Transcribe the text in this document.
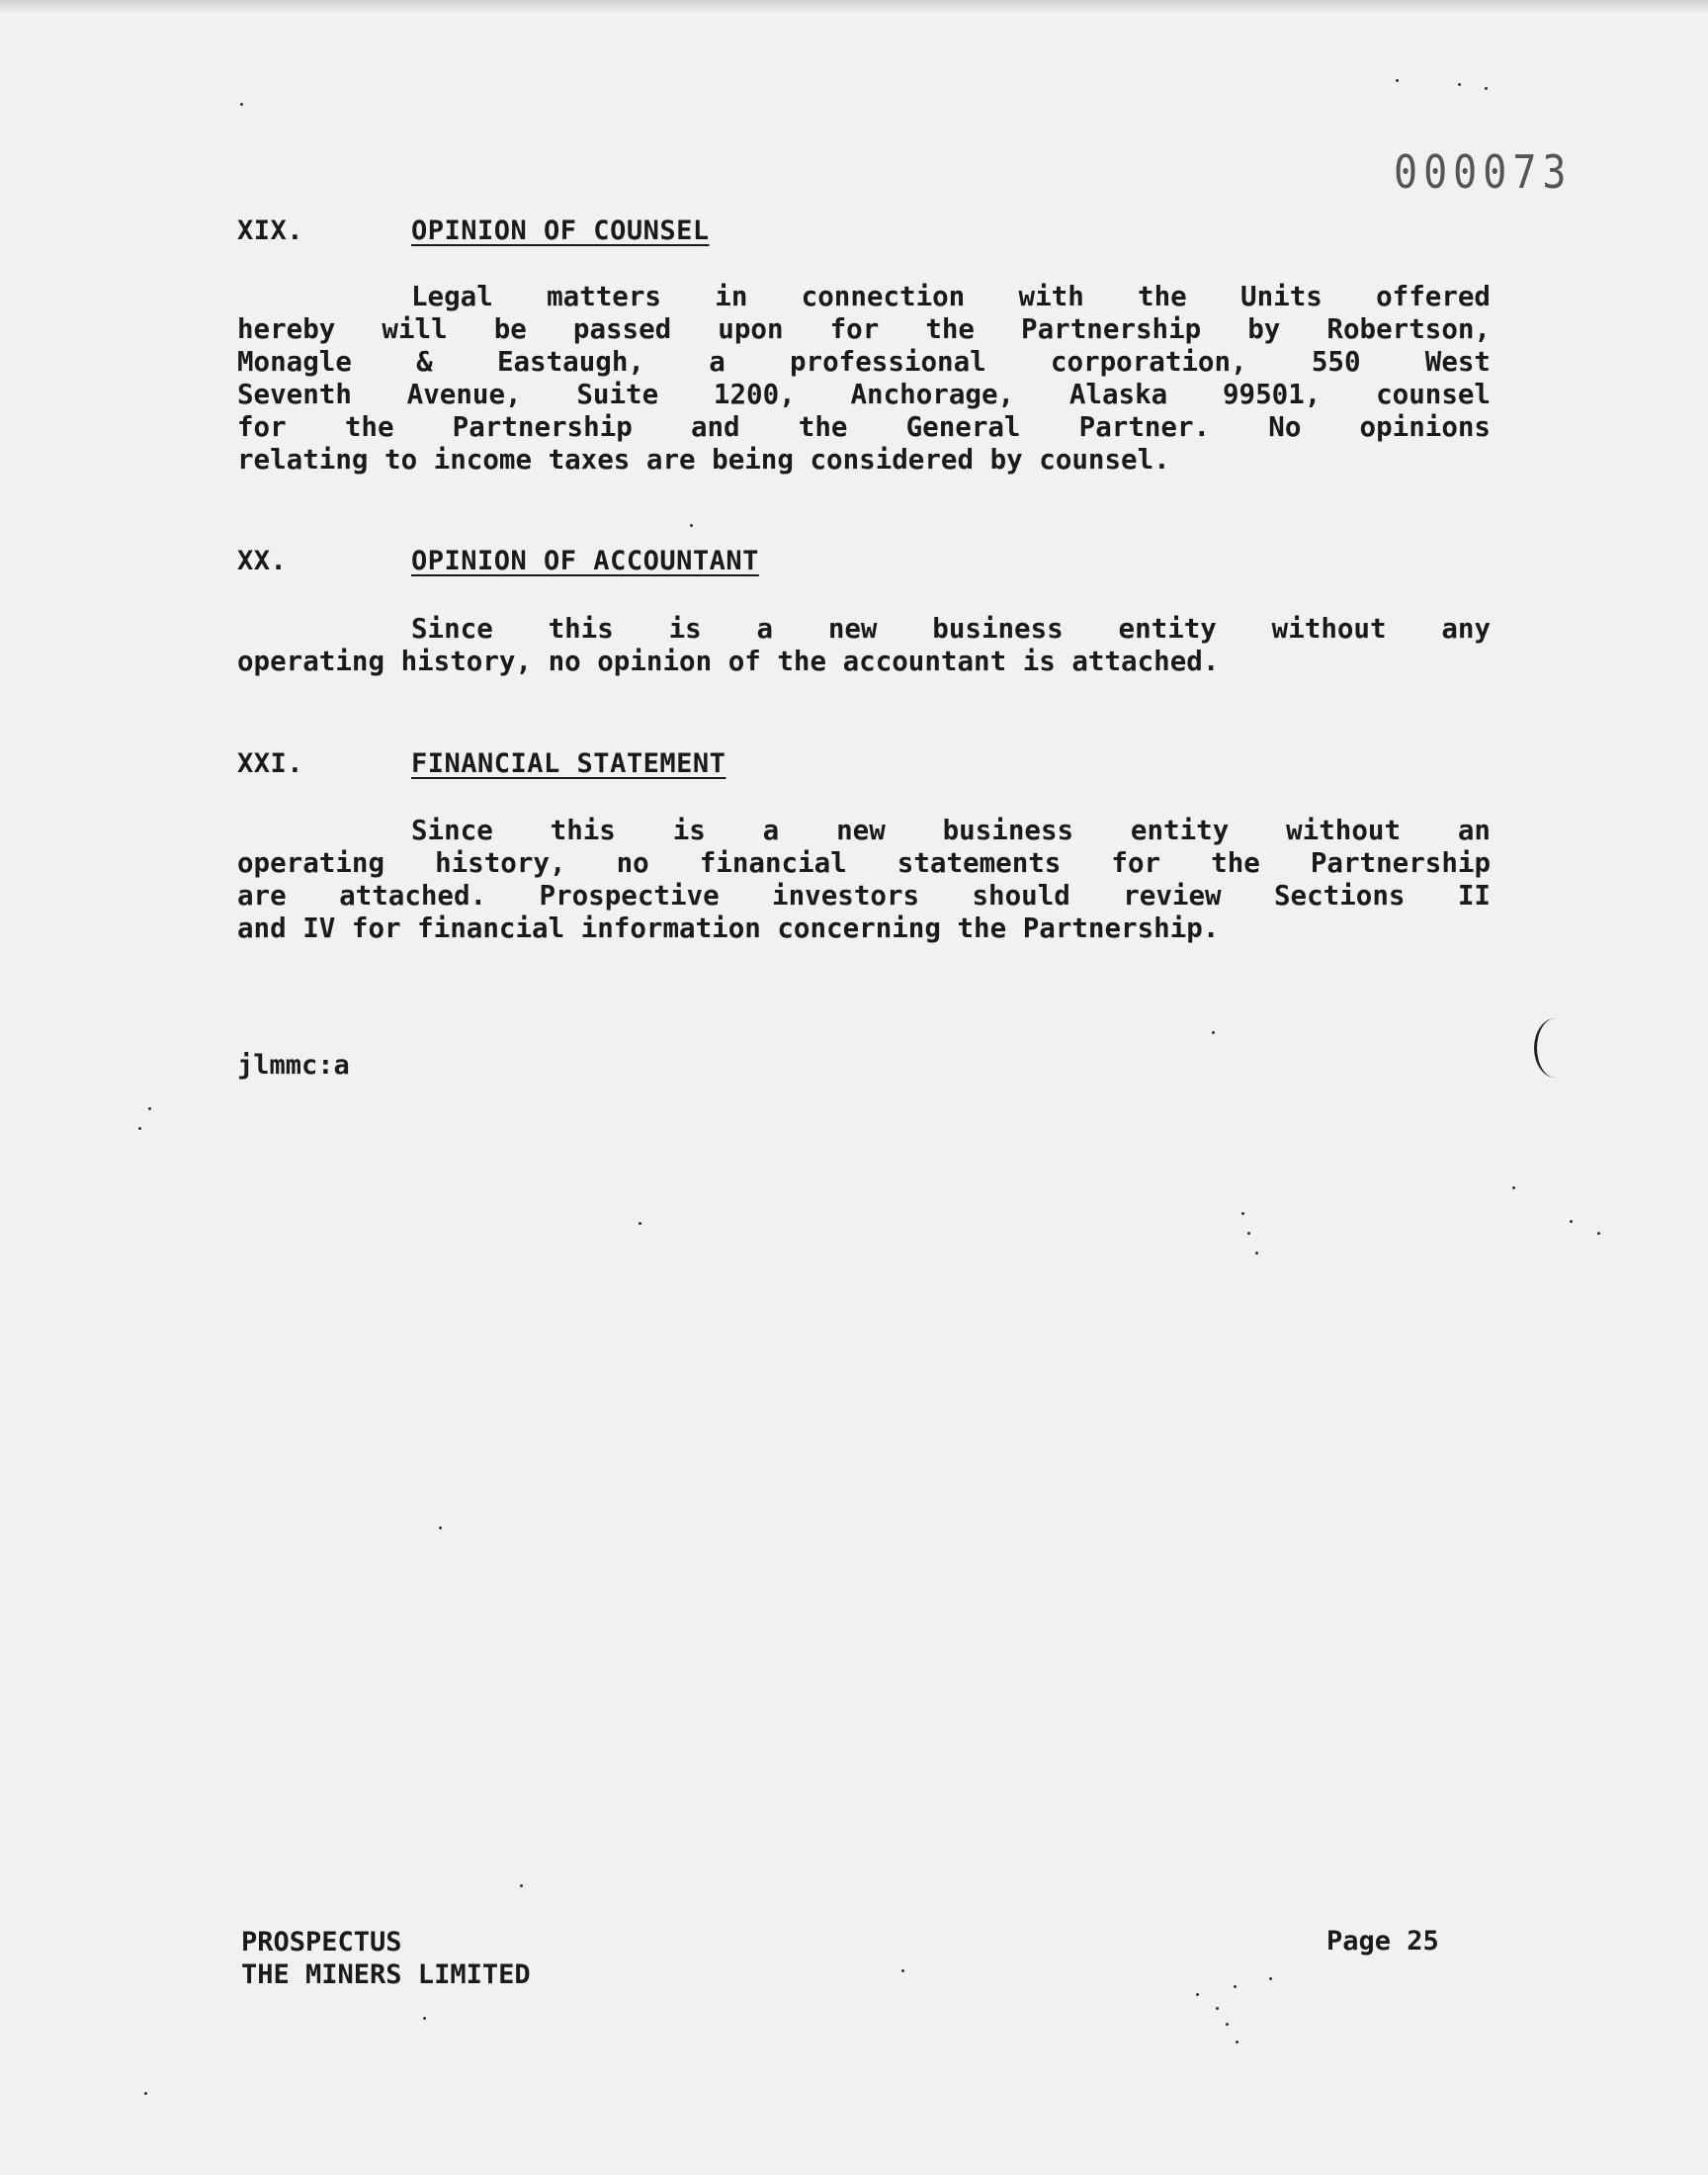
000073
XIX.	OPINION OF COUNSEL
Legal matters in connection with the Units offered
hereby will be passed upon for the Partnership by Robertson,
Monagle & Eastaugh, a professional corporation, 550 West
Seventh Avenue, Suite 1200, Anchorage, Alaska 99501, counsel
for the Partnership and the General Partner. No opinions
relating to income taxes are being considered by counsel.
XX.	OPINION OF ACCOUNTANT
Since this is a new business entity without any
operating history, no opinion of the accountant is attached.
XXI.	FINANCIAL STATEMENT
Since this is a new business entity without an
operating history, no financial statements for the Partnership
are attached. Prospective investors should review Sections II
and IV for financial information concerning the Partnership.
jlmmc:a
PROSPECTUS
THE MINERS LIMITED
Page 25
